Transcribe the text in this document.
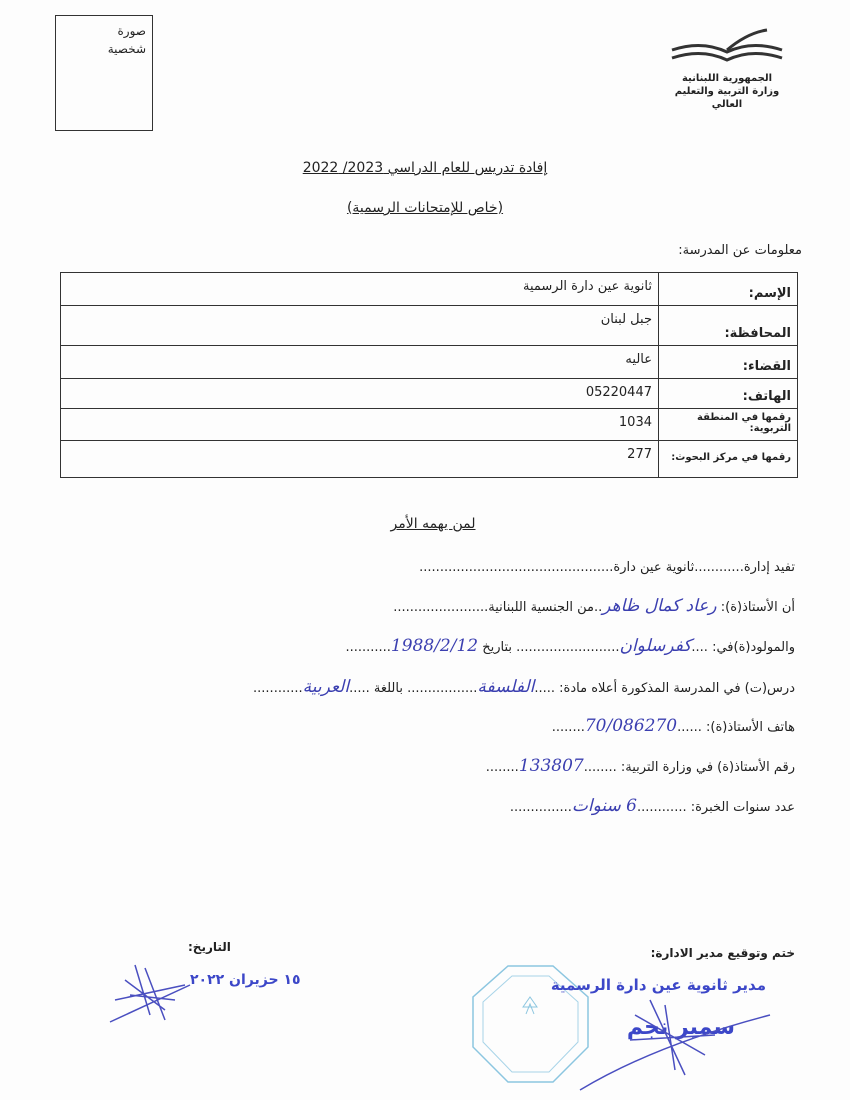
صورة
شخصية
الجمهورية اللبنانية
وزارة التربية والتعليم العالي
إفادة تدريس للعام الدراسي 2023/ 2022
(خاص للإمتحانات الرسمية)
معلومات عن المدرسة:
الإسم:	ثانوية عين دارة الرسمية
المحافظة:	جبل لبنان
القضاء:	عاليه
الهاتف:	05220447
رقمها في المنطقة التربوية:	1034
رقمها في مركز البحوث:	277
لمن يهمه الأمر
تفيد إدارة............ثانوية عين دارة...............................................
أن الأستاذ(ة): رعاد كمال ظاهر..من الجنسية اللبنانية.......................
والمولود(ة)في: ....كفرسلوان......................... بتاريخ 1988/2/12...........
درس(ت) في المدرسة المذكورة أعلاه مادة: .....الفلسفة................. باللغة .....العربية............
هاتف الأستاذ(ة): ......70/086270........
رقم الأستاذ(ة) في وزارة التربية: ........133807........
عدد سنوات الخبرة: ............6 سنوات...............
ختم وتوقيع مدير الادارة:
التاريخ:
١٥ حزيران ٢٠٢٢	مدير ثانوية عين دارة الرسمية
سمير نجم
